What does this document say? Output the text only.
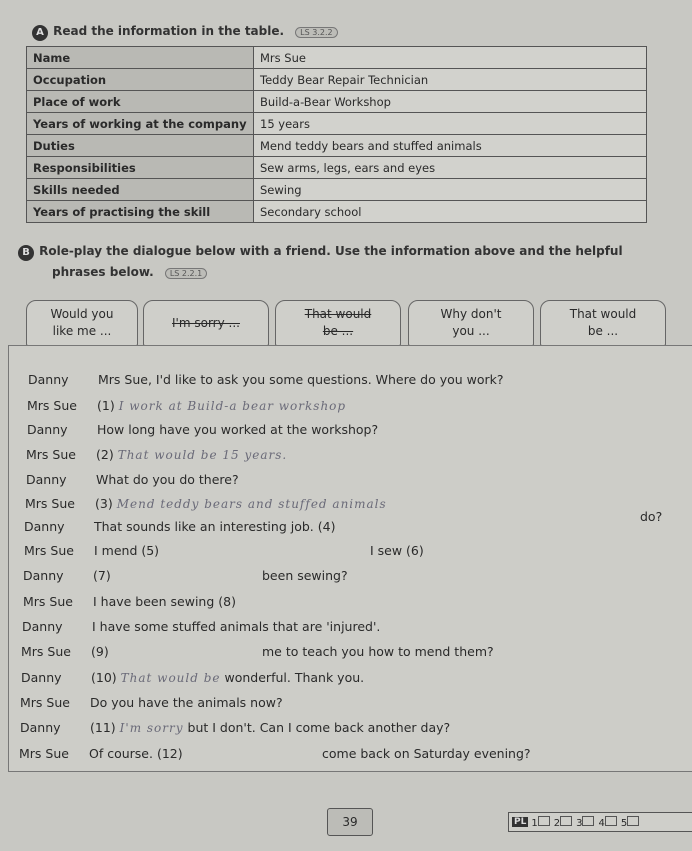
A Read the information in the table. LS 3.2.2
Name	Mrs Sue
Occupation	Teddy Bear Repair Technician
Place of work	Build-a-Bear Workshop
Years of working at the company	15 years
Duties	Mend teddy bears and stuffed animals
Responsibilities	Sew arms, legs, ears and eyes
Skills needed	Sewing
Years of practising the skill	Secondary school
B Role-play the dialogue below with a friend. Use the information above and the helpful
phrases below. LS 2.2.1
Would you
like me ...
I'm sorry ...

That would
be ...
Why don't
you ...
That would
be ...
Danny Mrs Sue, I'd like to ask you some questions. Where do you work?
Mrs Sue (1) I work at Build-a bear workshop
Danny How long have you worked at the workshop?
Mrs Sue (2) That would be 15 years.
Danny What do you do there?
Mrs Sue (3) Mend teddy bears and stuffed animals
do?
Danny That sounds like an interesting job. (4)
I sew (6)
Mrs Sue I mend (5)
been sewing?
Danny (7)
Mrs Sue I have been sewing (8)
Danny I have some stuffed animals that are 'injured'.
me to teach you how to mend them?
Mrs Sue (9)
Danny (10) That would be wonderful. Thank you.
Mrs Sue Do you have the animals now?
Danny (11) I'm sorry but I don't. Can I come back another day?
come back on Saturday evening?
Mrs Sue Of course. (12)
39	PL 1	2	3	4	5
